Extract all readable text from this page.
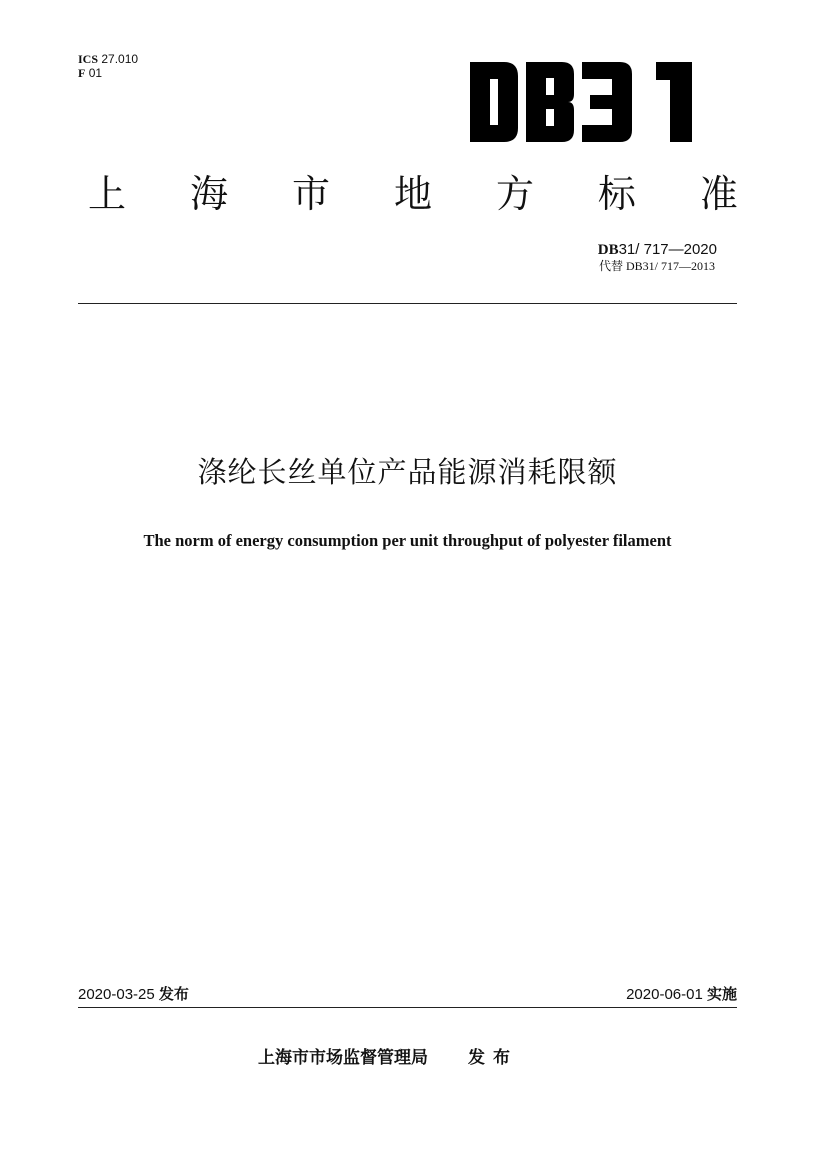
ICS 27.010
F 01
上 海 市 地 方 标 准
DB31/ 717—2020
代替 DB31/ 717—2013
涤纶长丝单位产品能源消耗限额
The norm of energy consumption per unit throughput of polyester filament
2020-03-25 发布	2020-06-01 实施
上海市市场监督管理局 发布
